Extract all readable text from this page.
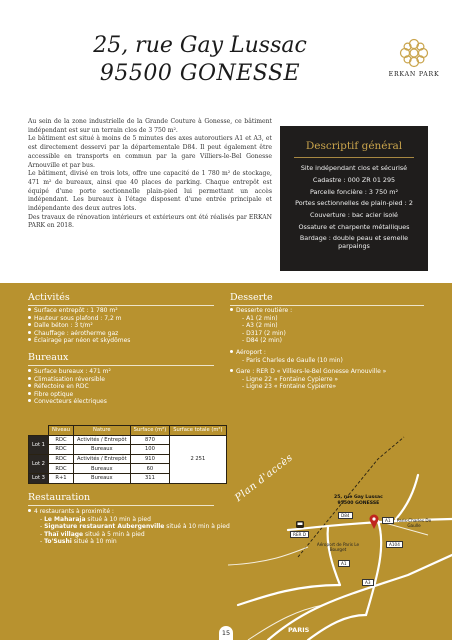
25, rue Gay Lussac
95500 GONESSE	ERKAN PARK

Au sein de la zone industrielle de la Grande Couture à Gonesse, ce bâtiment indépendant est sur un terrain clos de 3 750 m².

Le bâtiment est situé à moins de 5 minutes des axes autoroutiers A1 et A3, et est directement desservi par la départementale D84. Il peut également être accessible en transports en commun par la gare Villiers-le-Bel Gonesse Arnouville et par bus.

Le bâtiment, divisé en trois lots, offre une capacité de 1 780 m² de stockage, 471 m² de bureaux, ainsi que 40 places de parking. Chaque entrepôt est équipé d'une porte sectionnelle plain-pied lui permettant un accès indépendant. Les bureaux à l'étage disposent d'une entrée principale et indépendante des deux autres lots.

Des travaux de rénovation intérieurs et extérieurs ont été réalisés par ERKAN PARK en 2018.

Descriptif général
Site indépendant clos et sécurisé
Cadastre : 000 ZR 01 295
Parcelle foncière : 3 750 m²
Portes sectionnelles de plain-pied : 2
Couverture : bac acier isolé
Ossature et charpente métalliques
Bardage : double peau et semelle parpaings
Activités
Surface entrepôt : 1 780 m²
Hauteur sous plafond : 7,2 m
Dalle béton : 3 t/m²
Chauffage : aérotherme gaz
Éclairage par néon et skydômes
Bureaux
Surface bureaux : 471 m²
Climatisation réversible
Réfectoire en RDC
Fibre optique
Convecteurs électriques
	Niveau	Nature	Surface (m²)	Surface totale (m²)
Lot 1	RDC	Activités / Entrepôt	870	2 251
	RDC	Bureaux	100	
Lot 2	RDC	Activités / Entrepôt	910	
	RDC	Bureaux	60	
Lot 3	R+1	Bureaux	311	
Restauration
4 restaurants à proximité :
- Le Maharaja situé à 10 min à pied
- Signature restaurant Aubergenville situé à 10 min à pied
- Thaï village situé à 5 min à pied
- To'Sushi situé à 10 min
Desserte
Desserte routière :
- A1 (2 min)
- A3 (2 min)
- D317 (2 min)
- D84 (2 min)
Aéroport :
- Paris Charles de Gaulle (10 min)
Gare : RER D « Villiers-le-Bel Gonesse Arnouville »
- Ligne 22 « Fontaine Cypierre »
- Ligne 23 « Fontaine Cypierre»
Plan d'accès	25, rue Gay Lussac
95500 GONESSE
RER D
D84
A1	Paris-Charles De Gaulle
A104
Aéroport de Paris Le Bourget
A1
A3
PARIS
15
